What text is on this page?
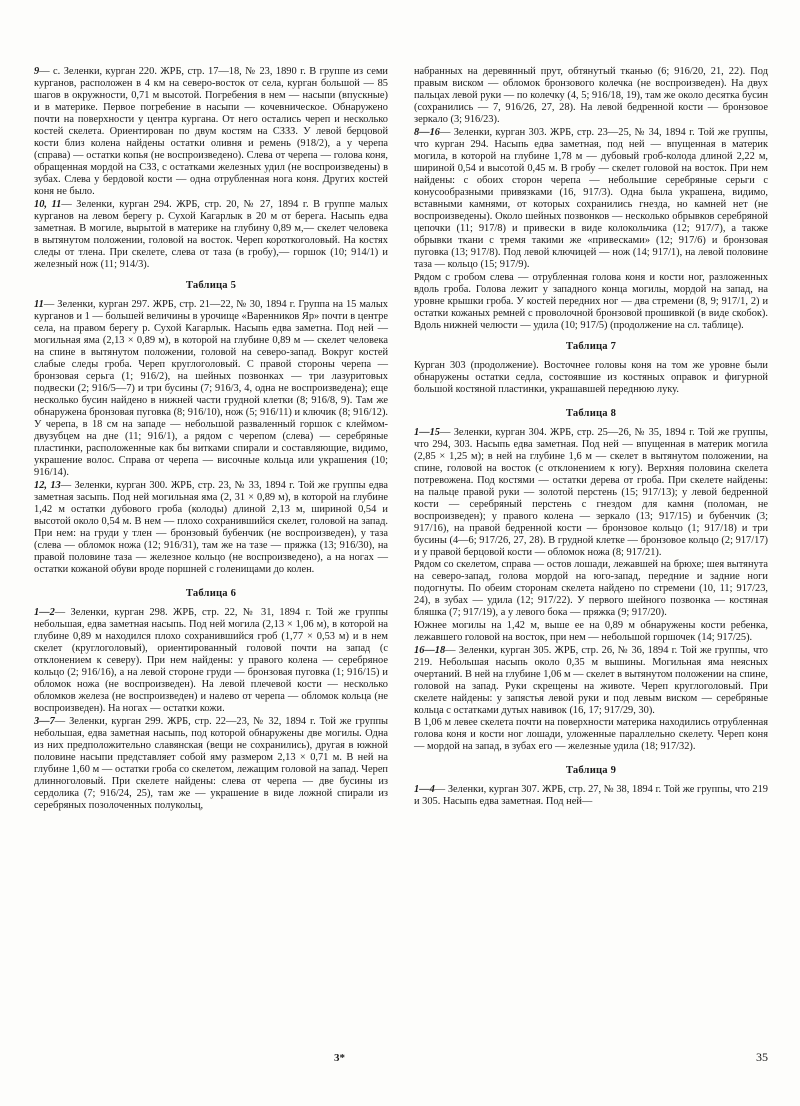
9— с. Зеленки, курган 220. ЖРБ, стр. 17—18, № 23, 1890 г. В группе из семи курганов, расположен в 4 км на северо-восток от села, курган большой — 85 шагов в окружности, 0,71 м высотой. Погребения в нем — насыпи (впускные) и в материке. Первое погребение в насыпи — кочевническое. Обнаружено почти на поверхности у центра кургана. От него остались череп и несколько костей скелета. Ориентирован по двум костям на СЗЗЗ. У левой берцовой кости близ колена найдены остатки оливня и ремень (918/2), а у черепа (справа) — остатки копья (не воспроизведено). Слева от черепа — голова коня, обращенная мордой на СЗЗ, с остатками железных удил (не воспроизведены) в зубах. Слева у бердовой кости — одна отрубленная нога коня. Других костей коня не было.

10, 11— Зеленки, курган 294. ЖРБ, стр. 20, № 27, 1894 г. В группе малых курганов на левом берегу р. Сухой Кагарлык в 20 м от берега. Насыпь едва заметная. В могиле, вырытой в материке на глубину 0,89 м,— скелет человека в вытянутом положении, головой на восток. Череп короткоголовый. На костях следы от тлена. При скелете, слева от таза (в гробу),— горшок (10; 914/1) и железный нож (11; 914/3).

Таблица 5

11— Зеленки, курган 297. ЖРБ, стр. 21—22, № 30, 1894 г. Группа на 15 малых курганов и 1 — большей величины в урочище «Варенников Яр» почти в центре села, на правом берегу р. Сухой Кагарлык. Насыпь едва заметна. Под ней — могильная яма (2,13 × 0,89 м), в которой на глубине 0,89 м — скелет человека на спине в вытянутом положении, головой на северо-запад. Вокруг костей слабые следы гроба. Череп круглоголовый. С правой стороны черепа — бронзовая серьга (1; 916/2), на шейных позвонках — три лазуритовых подвески (2; 916/5—7) и три бусины (7; 916/3, 4, одна не воспроизведена); еще несколько бусин найдено в нижней части грудной клетки (8; 916/8, 9). Там же обнаружена бронзовая пуговка (8; 916/10), нож (5; 916/11) и ключик (8; 916/12). У черепа, в 18 см на западе — небольшой разваленный горшок с клеймом-двузубцем на дне (11; 916/1), а рядом с черепом (слева) — серебряные пластинки, расположенные как бы витками спирали и составляющие, видимо, украшение волос. Справа от черепа — височные кольца или украшения (10; 916/14).

12, 13— Зеленки, курган 300. ЖРБ, стр. 23, № 33, 1894 г. Той же группы едва заметная засыпь. Под ней могильная яма (2, 31 × 0,89 м), в которой на глубине 1,42 м остатки дубового гроба (колоды) длиной 2,13 м, шириной 0,54 и высотой около 0,54 м. В нем — плохо сохранившийся скелет, головой на запад. При нем: на груди у тлен — бронзовый бубенчик (не воспроизведен), у таза (слева — обломок ножа (12; 916/31), там же на тазе — пряжка (13; 916/30), на правой половине таза — железное кольцо (не воспроизведено), а на ногах — остатки кожаной обуви вроде поршней с голенищами до колен.

Таблица 6

1—2— Зеленки, курган 298. ЖРБ, стр. 22, № 31, 1894 г. Той же группы небольшая, едва заметная насыпь. Под ней могила (2,13 × 1,06 м), в которой на глубине 0,89 м находился плохо сохранившийся гроб (1,77 × 0,53 м) и в нем скелет (круглоголовый), ориентированный головой почти на запад (с отклонением к северу). При нем найдены: у правого колена — серебряное кольцо (2; 916/16), а на левой стороне груди — бронзовая пуговка (1; 916/15) и обломок ножа (не воспроизведен). На левой плечевой кости — несколько обломков железа (не воспроизведен) и налево от черепа — обломок кольца (не воспроизведен). На ногах — остатки кожи.

3—7— Зеленки, курган 299. ЖРБ, стр. 22—23, № 32, 1894 г. Той же группы небольшая, едва заметная насыпь, под которой обнаружены две могилы. Одна из них предположительно славянская (вещи не сохранились), другая в южной половине насыпи представляет собой яму размером 2,13 × 0,71 м. В ней на глубине 1,60 м — остатки гроба со скелетом, лежащим головой на запад. Череп длинноголовый. При скелете найдены: слева от черепа — две бусины из сердолика (7; 916/24, 25), там же — украшение в виде ложной спирали из серебряных позолоченных полукольц,

набранных на деревянный прут, обтянутый тканью (6; 916/20, 21, 22). Под правым виском — обломок бронзового колечка (не воспроизведен). На двух пальцах левой руки — по колечку (4, 5; 916/18, 19), там же около десятка бусин (сохранились — 7, 916/26, 27, 28). На левой бедренной кости — бронзовое зеркало (3; 916/23).

8—16— Зеленки, курган 303. ЖРБ, стр. 23—25, № 34, 1894 г. Той же группы, что курган 294. Насыпь едва заметная, под ней — впущенная в материк могила, в которой на глубине 1,78 м — дубовый гроб-колода длиной 2,22 м, шириной 0,54 и высотой 0,45 м. В гробу — скелет головой на восток. При нем найдены: с обоих сторон черепа — небольшие серебряные серьги с конусообразными привязками (16, 917/3). Одна была украшена, видимо, вставными камнями, от которых сохранились гнезда, но камней нет (не воспроизведены). Около шейных позвонков — несколько обрывков серебряной цепочки (11; 917/8) и привески в виде колокольчика (12; 917/7), а также обрывки ткани с тремя такими же «привесками» (12; 917/6) и бронзовая пуговка (13; 917/8). Под левой ключицей — нож (14; 917/1), на левой половине таза — кольцо (15; 917/9).

Рядом с гробом слева — отрубленная голова коня и кости ног, разложенных вдоль гроба. Голова лежит у западного конца могилы, мордой на запад, на уровне крышки гроба. У костей передних ног — два стремени (8, 9; 917/1, 2) и остатки кожаных ремней с проволочной бронзовой прошивкой (в виде скобок). Вдоль нижней челюсти — удила (10; 917/5) (продолжение на сл. таблице).

Таблица 7

Курган 303 (продолжение). Восточнее головы коня на том же уровне были обнаружены остатки седла, состоявшие из костяных оправок и фигурной большой костяной пластинки, украшавшей переднюю луку.

Таблица 8

1—15— Зеленки, курган 304. ЖРБ, стр. 25—26, № 35, 1894 г. Той же группы, что 294, 303. Насыпь едва заметная. Под ней — впущенная в материк могила (2,85 × 1,25 м); в ней на глубине 1,6 м — скелет в вытянутом положении, на спине, головой на восток (с отклонением к югу). Верхняя половина скелета потревожена. Под костями — остатки дерева от гроба. При скелете найдены: на пальце правой руки — золотой перстень (15; 917/13); у левой бедренной кости — серебряный перстень с гнездом для камня (поломан, не воспроизведен); у правого колена — зеркало (13; 917/15) и бубенчик (3; 917/16), на правой бедренной кости — бронзовое кольцо (1; 917/18) и три бусины (4—6; 917/26, 27, 28). В грудной клетке — бронзовое кольцо (2; 917/17) и у правой берцовой кости — обломок ножа (8; 917/21).

Рядом со скелетом, справа — остов лошади, лежавшей на брюхе; шея вытянута на северо-запад, голова мордой на юго-запад, передние и задние ноги подогнуты. По обеим сторонам скелета найдено по стремени (10, 11; 917/23, 24), в зубах — удила (12; 917/22). У первого шейного позвонка — костяная бляшка (7; 917/19), а у левого бока — пряжка (9; 917/20).

Южнее могилы на 1,42 м, выше ее на 0,89 м обнаружены кости ребенка, лежавшего головой на восток, при нем — небольшой горшочек (14; 917/25).

16—18— Зеленки, курган 305. ЖРБ, стр. 26, № 36, 1894 г. Той же группы, что 219. Небольшая насыпь около 0,35 м вышины. Могильная яма неясных очертаний. В ней на глубине 1,06 м — скелет в вытянутом положении на спине, головой на запад. Руки скрещены на животе. Череп круглоголовый. При скелете найдены: у запястья левой руки и под левым виском — серебряные кольца с остатками дутых навивок (16, 17; 917/29, 30).

В 1,06 м левее скелета почти на поверхности материка находились отрубленная голова коня и кости ног лошади, уложенные параллельно скелету. Череп коня — мордой на запад, в зубах его — железные удила (18; 917/32).

Таблица 9

1—4— Зеленки, курган 307. ЖРБ, стр. 27, № 38, 1894 г. Той же группы, что 219 и 305. Насыпь едва заметная. Под ней—

3*	35
